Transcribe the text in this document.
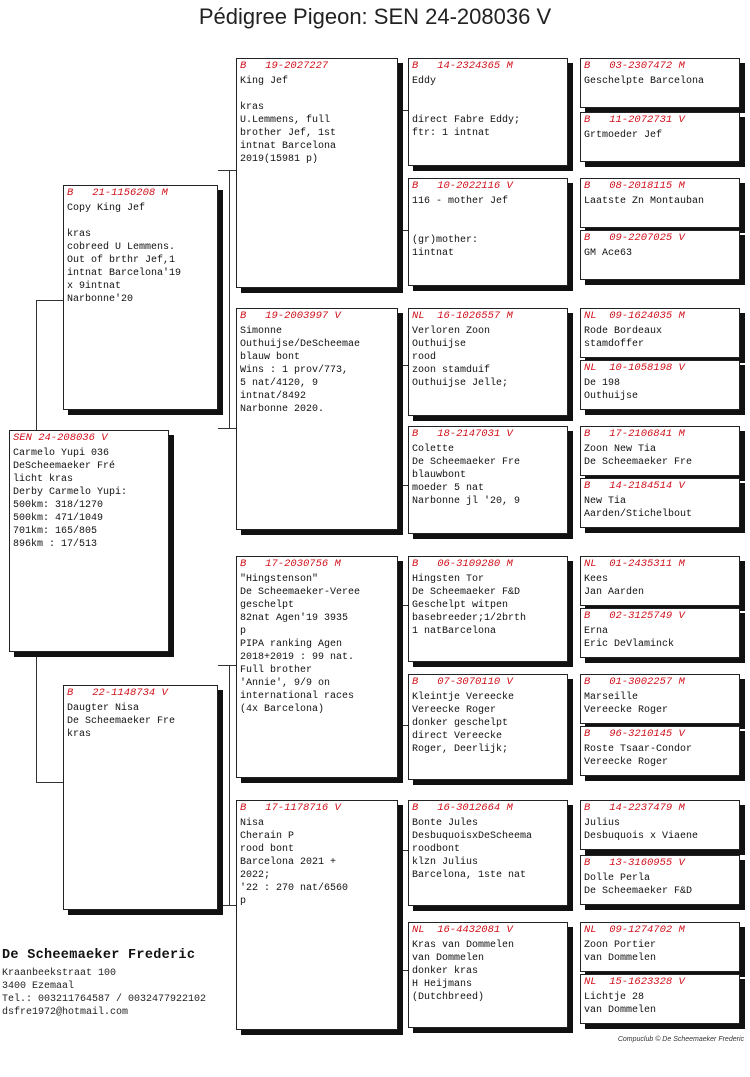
Pédigree Pigeon: SEN 24-208036 V
SEN 24-208036 V
Carmelo Yupi 036
DeScheemaeker Fré
licht kras
Derby Carmelo Yupi:
500km: 318/1270
500km: 471/1049
701km: 165/805
896km : 17/513
B   21-1156208 M
Copy King Jef

kras
cobreed U Lemmens.
Out of brthr Jef,1
intnat Barcelona'19
x 9intnat
Narbonne'20
B   22-1148734 V
Daugter Nisa
De Scheemaeker Fre
kras
B   19-2027227
King Jef

kras
U.Lemmens, full
brother Jef, 1st
intnat Barcelona
2019(15981 p)
B   19-2003997 V
Simonne
Outhuijse/DeScheemae
blauw bont
Wins : 1 prov/773,
5 nat/4120, 9
intnat/8492
Narbonne 2020.
B   17-2030756 M
"Hingstenson"
De Scheemaeker-Veree
geschelpt
82nat Agen'19 3935
p
PIPA ranking Agen
2018+2019 : 99 nat.
Full brother
'Annie', 9/9 on
international races
(4x Barcelona)
B   17-1178716 V
Nisa
Cherain P
rood bont
Barcelona 2021 +
2022;
'22 : 270 nat/6560
p
B   14-2324365 M
Eddy

direct Fabre Eddy;
ftr: 1 intnat
B   10-2022116 V
116 - mother Jef

(gr)mother:
1intnat
NL  16-1026557 M
Verloren Zoon
Outhuijse
rood
zoon stamduif
Outhuijse Jelle;
B   18-2147031 V
Colette
De Scheemaeker Fre
blauwbont
moeder 5 nat
Narbonne jl '20, 9
B   06-3109280 M
Hingsten Tor
De Scheemaeker F&D
Geschelpt witpen
basebreeder;1/2brth
1 natBarcelona
B   07-3070110 V
Kleintje Vereecke
Vereecke Roger
donker geschelpt
direct Vereecke
Roger, Deerlijk;
B   16-3012664 M
Bonte Jules
DesbuquoisxDeScheema
roodbont
klzn Julius
Barcelona, 1ste nat
NL  16-4432081 V
Kras van Dommelen
van Dommelen
donker kras
H Heijmans
(Dutchbreed)
B   03-2307472 M
Geschelpte Barcelona
B   11-2072731 V
Grtmoeder Jef
B   08-2018115 M
Laatste Zn Montauban
B   09-2207025 V
GM Ace63
NL  09-1624035 M
Rode Bordeaux
stamdoffer
NL  10-1058198 V
De 198
Outhuijse
B   17-2106841 M
Zoon New Tia
De Scheemaeker Fre
B   14-2184514 V
New Tia
Aarden/Stichelbout
NL  01-2435311 M
Kees
Jan Aarden
B   02-3125749 V
Erna
Eric DeVlaminck
B   01-3002257 M
Marseille
Vereecke Roger
B   96-3210145 V
Roste Tsaar-Condor
Vereecke Roger
B   14-2237479 M
Julius
Desbuquois x Viaene
B   13-3160955 V
Dolle Perla
De Scheemaeker F&D
NL  09-1274702 M
Zoon Portier
van Dommelen
NL  15-1623328 V
Lichtje 28
van Dommelen
De Scheemaeker Frederic
Kraanbeekstraat 100
3400 Ezemaal
Tel.: 003211764587 / 0032477922102
dsfre1972@hotmail.com
Compuclub © De Scheemaeker Frederic
